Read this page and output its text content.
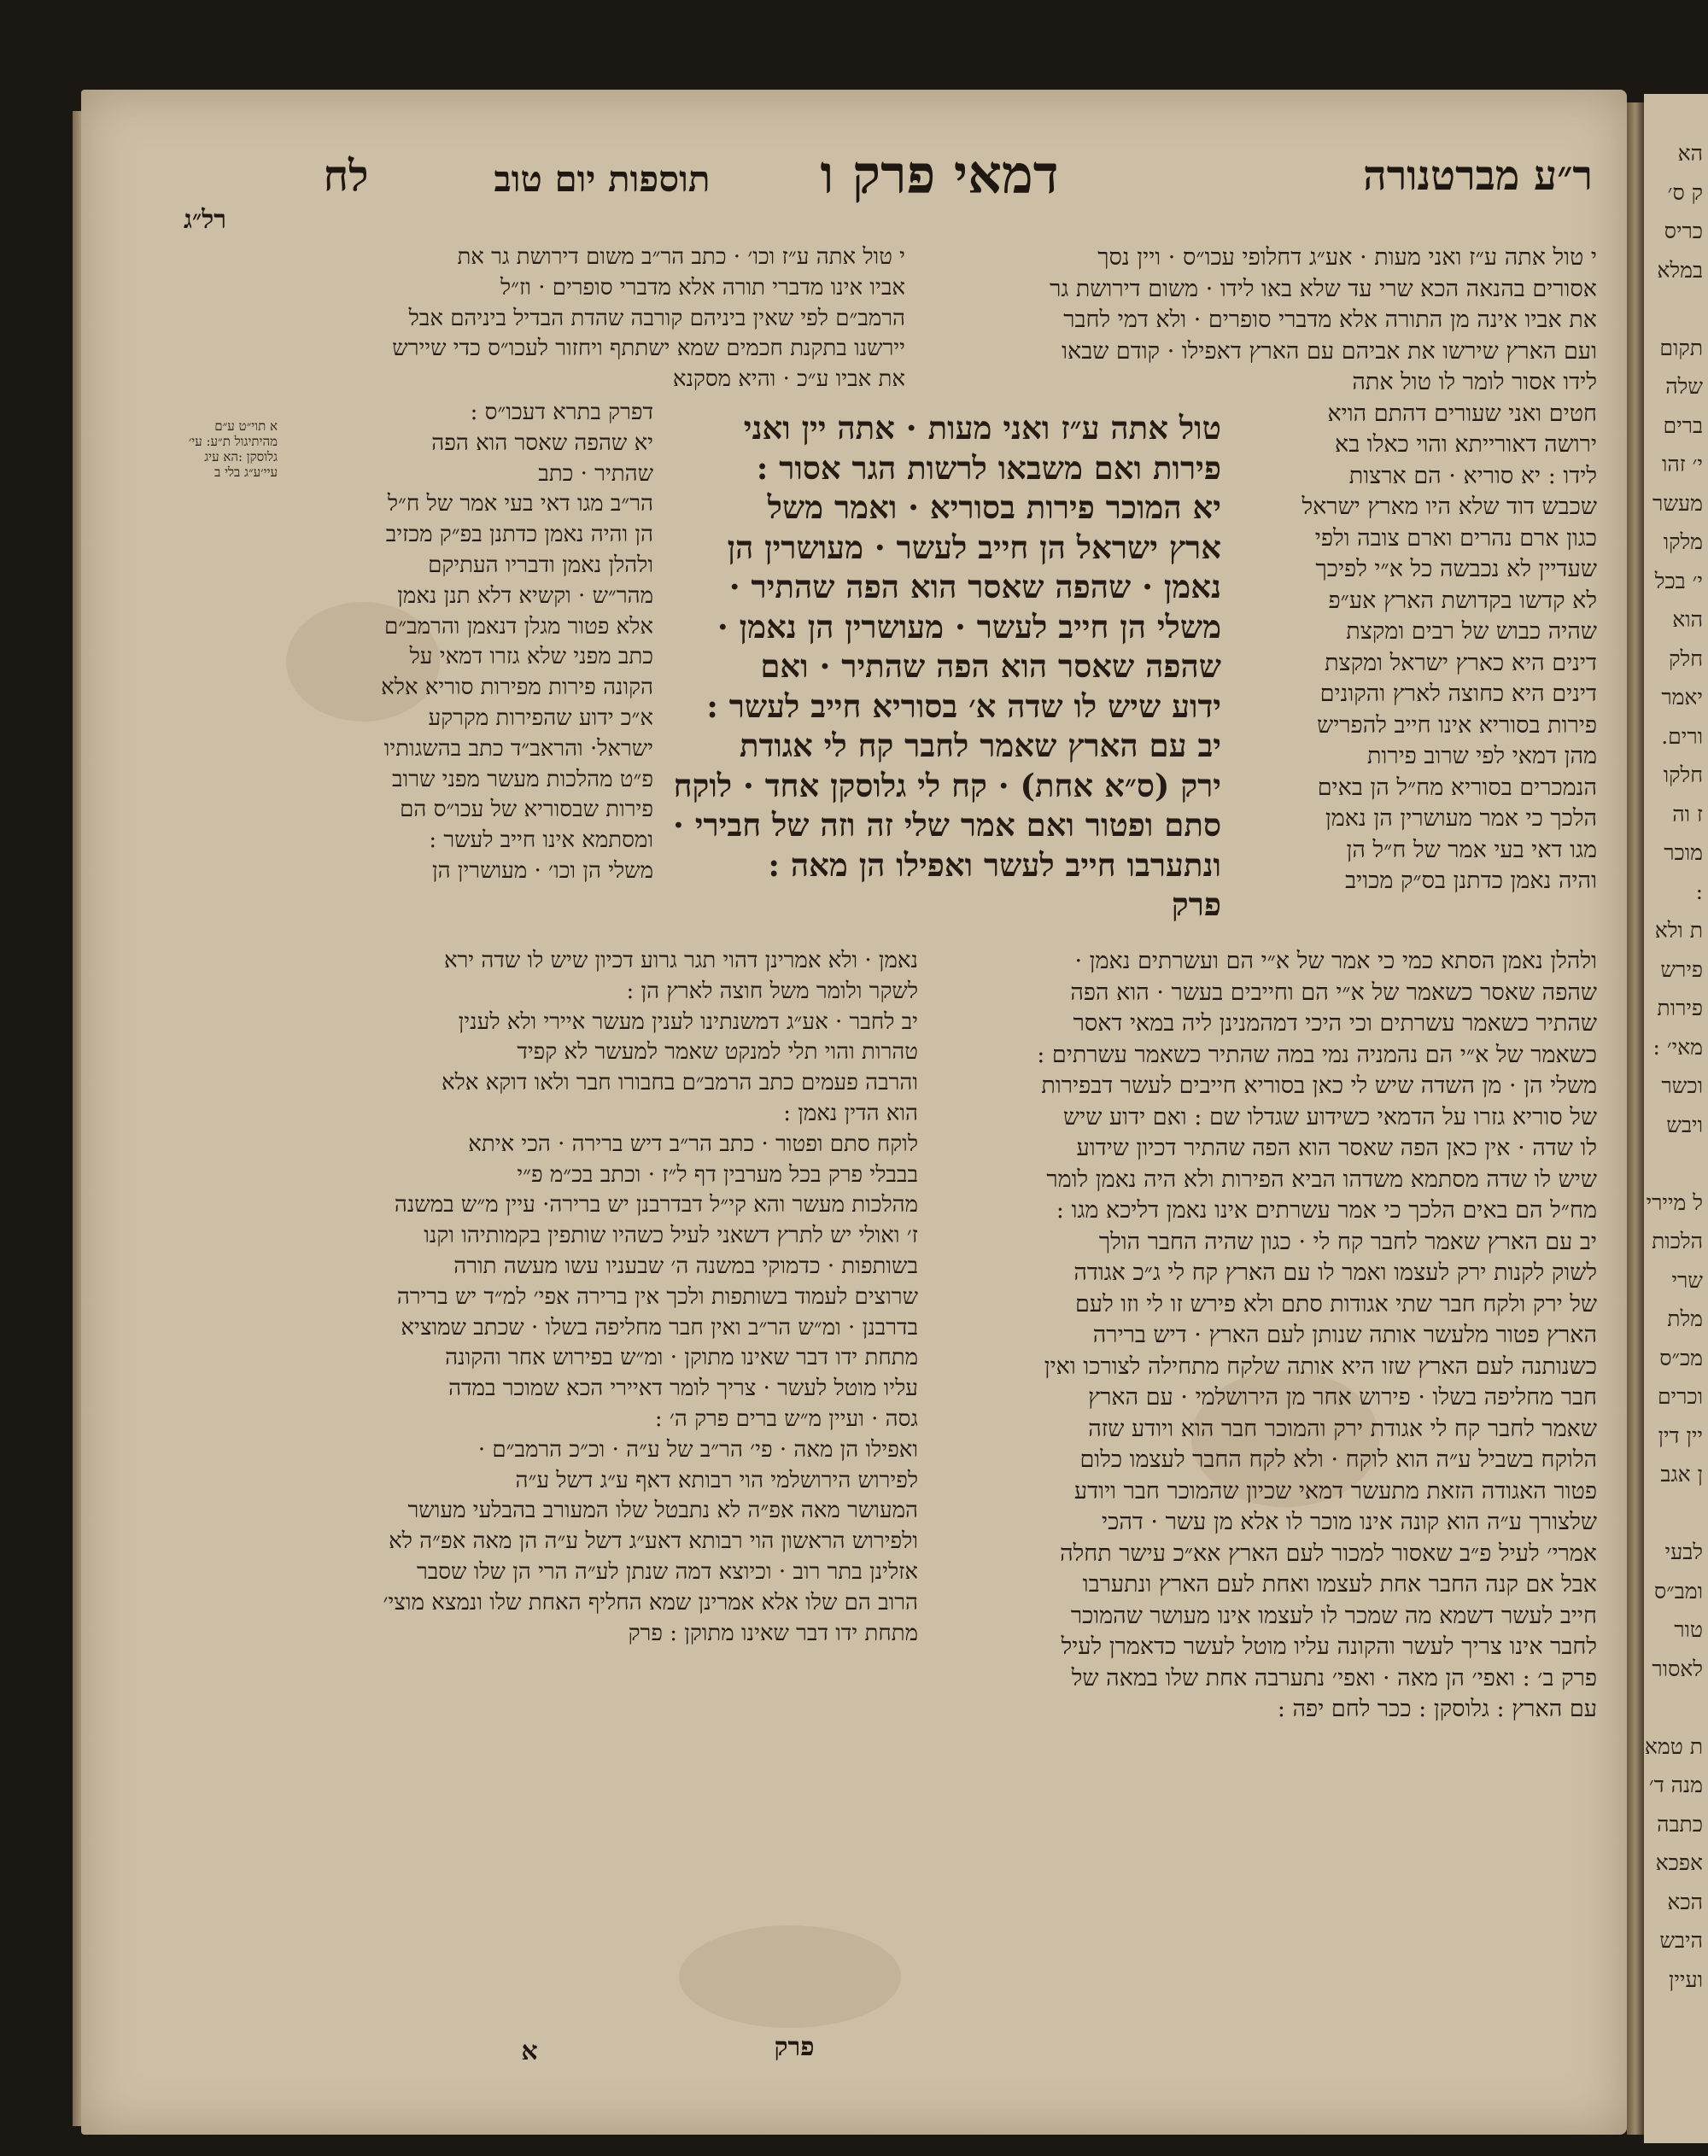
הא
ק ס׳
כריס
במלא
תקום
שלה
ברים
י׳ זהו
מעשר
מלקו
י׳ בכל
הוא
חלק
יאמר
ורים.
חלקו
ז וה
מוכר
:
ת ולא
פירש
פירות
מאי׳ :
וכשר
ויבש
ל מיירי
הלכות
שרי
מלת
מכ״ס
וכרים
יין דין
ן אגב
לבעי
ומב״ס
טור
לאסור
ת טמא
מנה ד׳
כתבה
אפכא
הכא
היבש
ועיין
ר״ע מברטנורה
דמאי פרק ו
תוספות יום טוב
לח
רל״ג
י טול אתה ע״ז ואני מעות · אע״ג דחלופי עכו״ס · ויין נסך
אסורים בהנאה הכא שרי עד שלא באו לידו · משום דירושת גר
את אביו אינה מן התורה אלא מדברי סופרים · ולא דמי לחבר
ועם הארץ שירשו את אביהם עם הארץ דאפילו · קודם שבאו
לידו אסור לומר לו טול אתה
חטים ואני שעורים דהתם הויא
ירושה דאורייתא והוי כאלו בא
לידו : יא סוריא · הם ארצות
שכבש דוד שלא היו מארץ ישראל
כגון ארם נהרים וארם צובה ולפי
שעדיין לא נכבשה כל א״י לפיכך
לא קדשו בקדושת הארץ אע״פ
שהיה כבוש של רבים ומקצת
דינים היא כארץ ישראל ומקצת
דינים היא כחוצה לארץ והקונים
פירות בסוריא אינו חייב להפריש
מהן דמאי לפי שרוב פירות
הנמכרים בסוריא מח״ל הן באים
הלכך כי אמר מעושרין הן נאמן
מגו דאי בעי אמר של ח״ל הן
והיה נאמן כדתנן בס״ק מכויב
טול אתה ע״ז ואני מעות · אתה יין ואני
פירות ואם משבאו לרשות הגר אסור :
יא המוכר פירות בסוריא · ואמר משל
ארץ ישראל הן חייב לעשר · מעושרין הן
נאמן · שהפה שאסר הוא הפה שהתיר ·
משלי הן חייב לעשר · מעושרין הן נאמן ·
שהפה שאסר הוא הפה שהתיר · ואם
ידוע שיש לו שדה א׳ בסוריא חייב לעשר :
יב עם הארץ שאמר לחבר קח לי אגודת
ירק (ס״א אחת) · קח לי גלוסקן אחד · לוקח
סתם ופטור ואם אמר שלי זה וזה של חבירי ·
ונתערבו חייב לעשר ואפילו הן מאה :
פרק
ולהלן נאמן הסתא כמי כי אמר של א״י הם ועשרתים נאמן ·
שהפה שאסר כשאמר של א״י הם וחייבים בעשר · הוא הפה
שהתיר כשאמר עשרתים וכי היכי דמהמנינן ליה במאי דאסר
כשאמר של א״י הם נהמניה נמי במה שהתיר כשאמר עשרתים :
משלי הן · מן השדה שיש לי כאן בסוריא חייבים לעשר דבפירות
של סוריא גזרו על הדמאי כשידוע שגדלו שם : ואם ידוע שיש
לו שדה · אין כאן הפה שאסר הוא הפה שהתיר דכיון שידוע
שיש לו שדה מסתמא משדהו הביא הפירות ולא היה נאמן לומר
מח״ל הם באים הלכך כי אמר עשרתים אינו נאמן דליכא מגו :
יב עם הארץ שאמר לחבר קח לי · כגון שהיה החבר הולך
לשוק לקנות ירק לעצמו ואמר לו עם הארץ קח לי ג״כ אגודה
של ירק ולקח חבר שתי אגודות סתם ולא פירש זו לי וזו לעם
הארץ פטור מלעשר אותה שנותן לעם הארץ · דיש ברירה
כשנותנה לעם הארץ שזו היא אותה שלקח מתחילה לצורכו ואין
חבר מחליפה בשלו · פירוש אחר מן הירושלמי · עם הארץ
שאמר לחבר קח לי אגודת ירק והמוכר חבר הוא ויודע שזה
הלוקח בשביל ע״ה הוא לוקח · ולא לקח החבר לעצמו כלום
פטור האגודה הזאת מתעשר דמאי שכיון שהמוכר חבר ויודע
שלצורך ע״ה הוא קונה אינו מוכר לו אלא מן עשר · דהכי
אמרי׳ לעיל פ״ב שאסור למכור לעם הארץ אא״כ עישר תחלה
אבל אם קנה החבר אחת לעצמו ואחת לעם הארץ ונתערבו
חייב לעשר דשמא מה שמכר לו לעצמו אינו מעושר שהמוכר
לחבר אינו צריך לעשר והקונה עליו מוטל לעשר כדאמרן לעיל
פרק ב׳ : ואפי׳ הן מאה · ואפי׳ נתערבה אחת שלו במאה של
עם הארץ : גלוסקן : ככר לחם יפה :
י טול אתה ע״ז וכו׳ · כתב הר״ב משום דירושת גר את
אביו אינו מדברי תורה אלא מדברי סופרים · וז״ל
הרמב״ם לפי שאין ביניהם קורבה שהדת הבדיל ביניהם אבל
יירשנו בתקנת חכמים שמא ישתתף ויחזור לעכו״ס כדי שיירש
את אביו ע״כ · והיא מסקנא
דפרק בתרא דעכו״ס :
יא שהפה שאסר הוא הפה
שהתיר · כתב
הר״ב מגו דאי בעי אמר של ח״ל
הן והיה נאמן כדתנן בפ״ק מכזיב
ולהלן נאמן ודבריו העתיקם
מהר״ש · וקשיא דלא תנן נאמן
אלא פטור מגלן דנאמן והרמב״ם
כתב מפני שלא גזרו דמאי על
הקונה פירות מפירות סוריא אלא
א״כ ידוע שהפירות מקרקע
ישראל· והראב״ד כתב בהשגותיו
פ״ט מהלכות מעשר מפני שרוב
פירות שבסוריא של עכו״ס הם
ומסתמא אינו חייב לעשר :
משלי הן וכו׳ · מעושרין הן
נאמן · ולא אמרינן דהוי תגר גרוע דכיון שיש לו שדה ירא
לשקר ולומר משל חוצה לארץ הן :
יב לחבר · אע״ג דמשנתינו לענין מעשר איירי ולא לענין
טהרות והוי תלי למנקט שאמר למעשר לא קפיד
והרבה פעמים כתב הרמב״ם בחבורו חבר ולאו דוקא אלא
הוא הדין נאמן :
לוקח סתם ופטור · כתב הר״ב דיש ברירה · הכי איתא
בבבלי פרק בכל מערבין דף ל״ז · וכתב בכ״מ פ״י
מהלכות מעשר והא קי״ל דבדרבנן יש ברירה· עיין מ״ש במשנה
ז׳ ואולי יש לתרץ דשאני לעיל כשהיו שותפין בקמותיהו וקנו
בשותפות · כדמוקי במשנה ה׳ שבעניו עשו מעשה תורה
שרוצים לעמוד בשותפות ולכך אין ברירה אפי׳ למ״ד יש ברירה
בדרבנן · ומ״ש הר״ב ואין חבר מחליפה בשלו · שכתב שמוציא
מתחת ידו דבר שאינו מתוקן · ומ״ש בפירוש אחר והקונה
עליו מוטל לעשר · צריך לומר דאיירי הכא שמוכר במדה
גסה · ועיין מ״ש ברים פרק ה׳ :
ואפילו הן מאה · פי׳ הר״ב של ע״ה · וכ״כ הרמב״ם ·
לפירוש הירושלמי הוי רבותא דאף ע״ג דשל ע״ה
המעושר מאה אפ״ה לא נתבטל שלו המעורב בהבלעי מעושר
ולפירוש הראשון הוי רבותא דאע״ג דשל ע״ה הן מאה אפ״ה לא
אזלינן בתר רוב · וכיוצא דמה שנתן לע״ה הרי הן שלו שסבר
הרוב הם שלו אלא אמרינן שמא החליף האחת שלו ונמצא מוצי׳
מתחת ידו דבר שאינו מתוקן : פרק
א תוי״ט ע״ם מהיתיגול ת״ע: עי׳ גלוסקן :הא עיג עיי׳ע״ג בלי ב
פרק
א
